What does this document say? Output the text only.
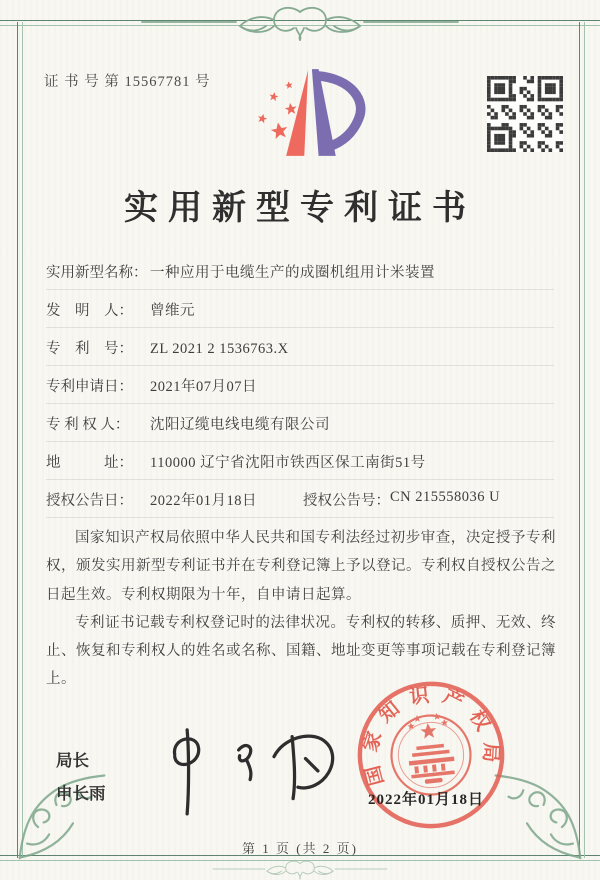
证 书 号 第 15567781 号
实用新型专利证书
实用新型名称： 一种应用于电缆生产的成圈机组用计米装置
发　明　人：	曾维元
专　利　号：	ZL 2021 2 1536763.X
专利申请日：	2021年07月07日
专 利 权 人：	沈阳辽缆电线电缆有限公司
地　　　址：	110000 辽宁省沈阳市铁西区保工南街51号
授权公告日：	2022年01月18日	授权公告号： CN 215558036 U

国家知识产权局依照中华人民共和国专利法经过初步审查，决定授予专利权，颁发实用新型专利证书并在专利登记簿上予以登记。专利权自授权公告之日起生效。专利权期限为十年，自申请日起算。

专利证书记载专利权登记时的法律状况。专利权的转移、质押、无效、终止、恢复和专利权人的姓名或名称、国籍、地址变更等事项记载在专利登记簿上。

局长
申长雨
国家知识产权局
2022年01月18日
第 1 页 (共 2 页)
